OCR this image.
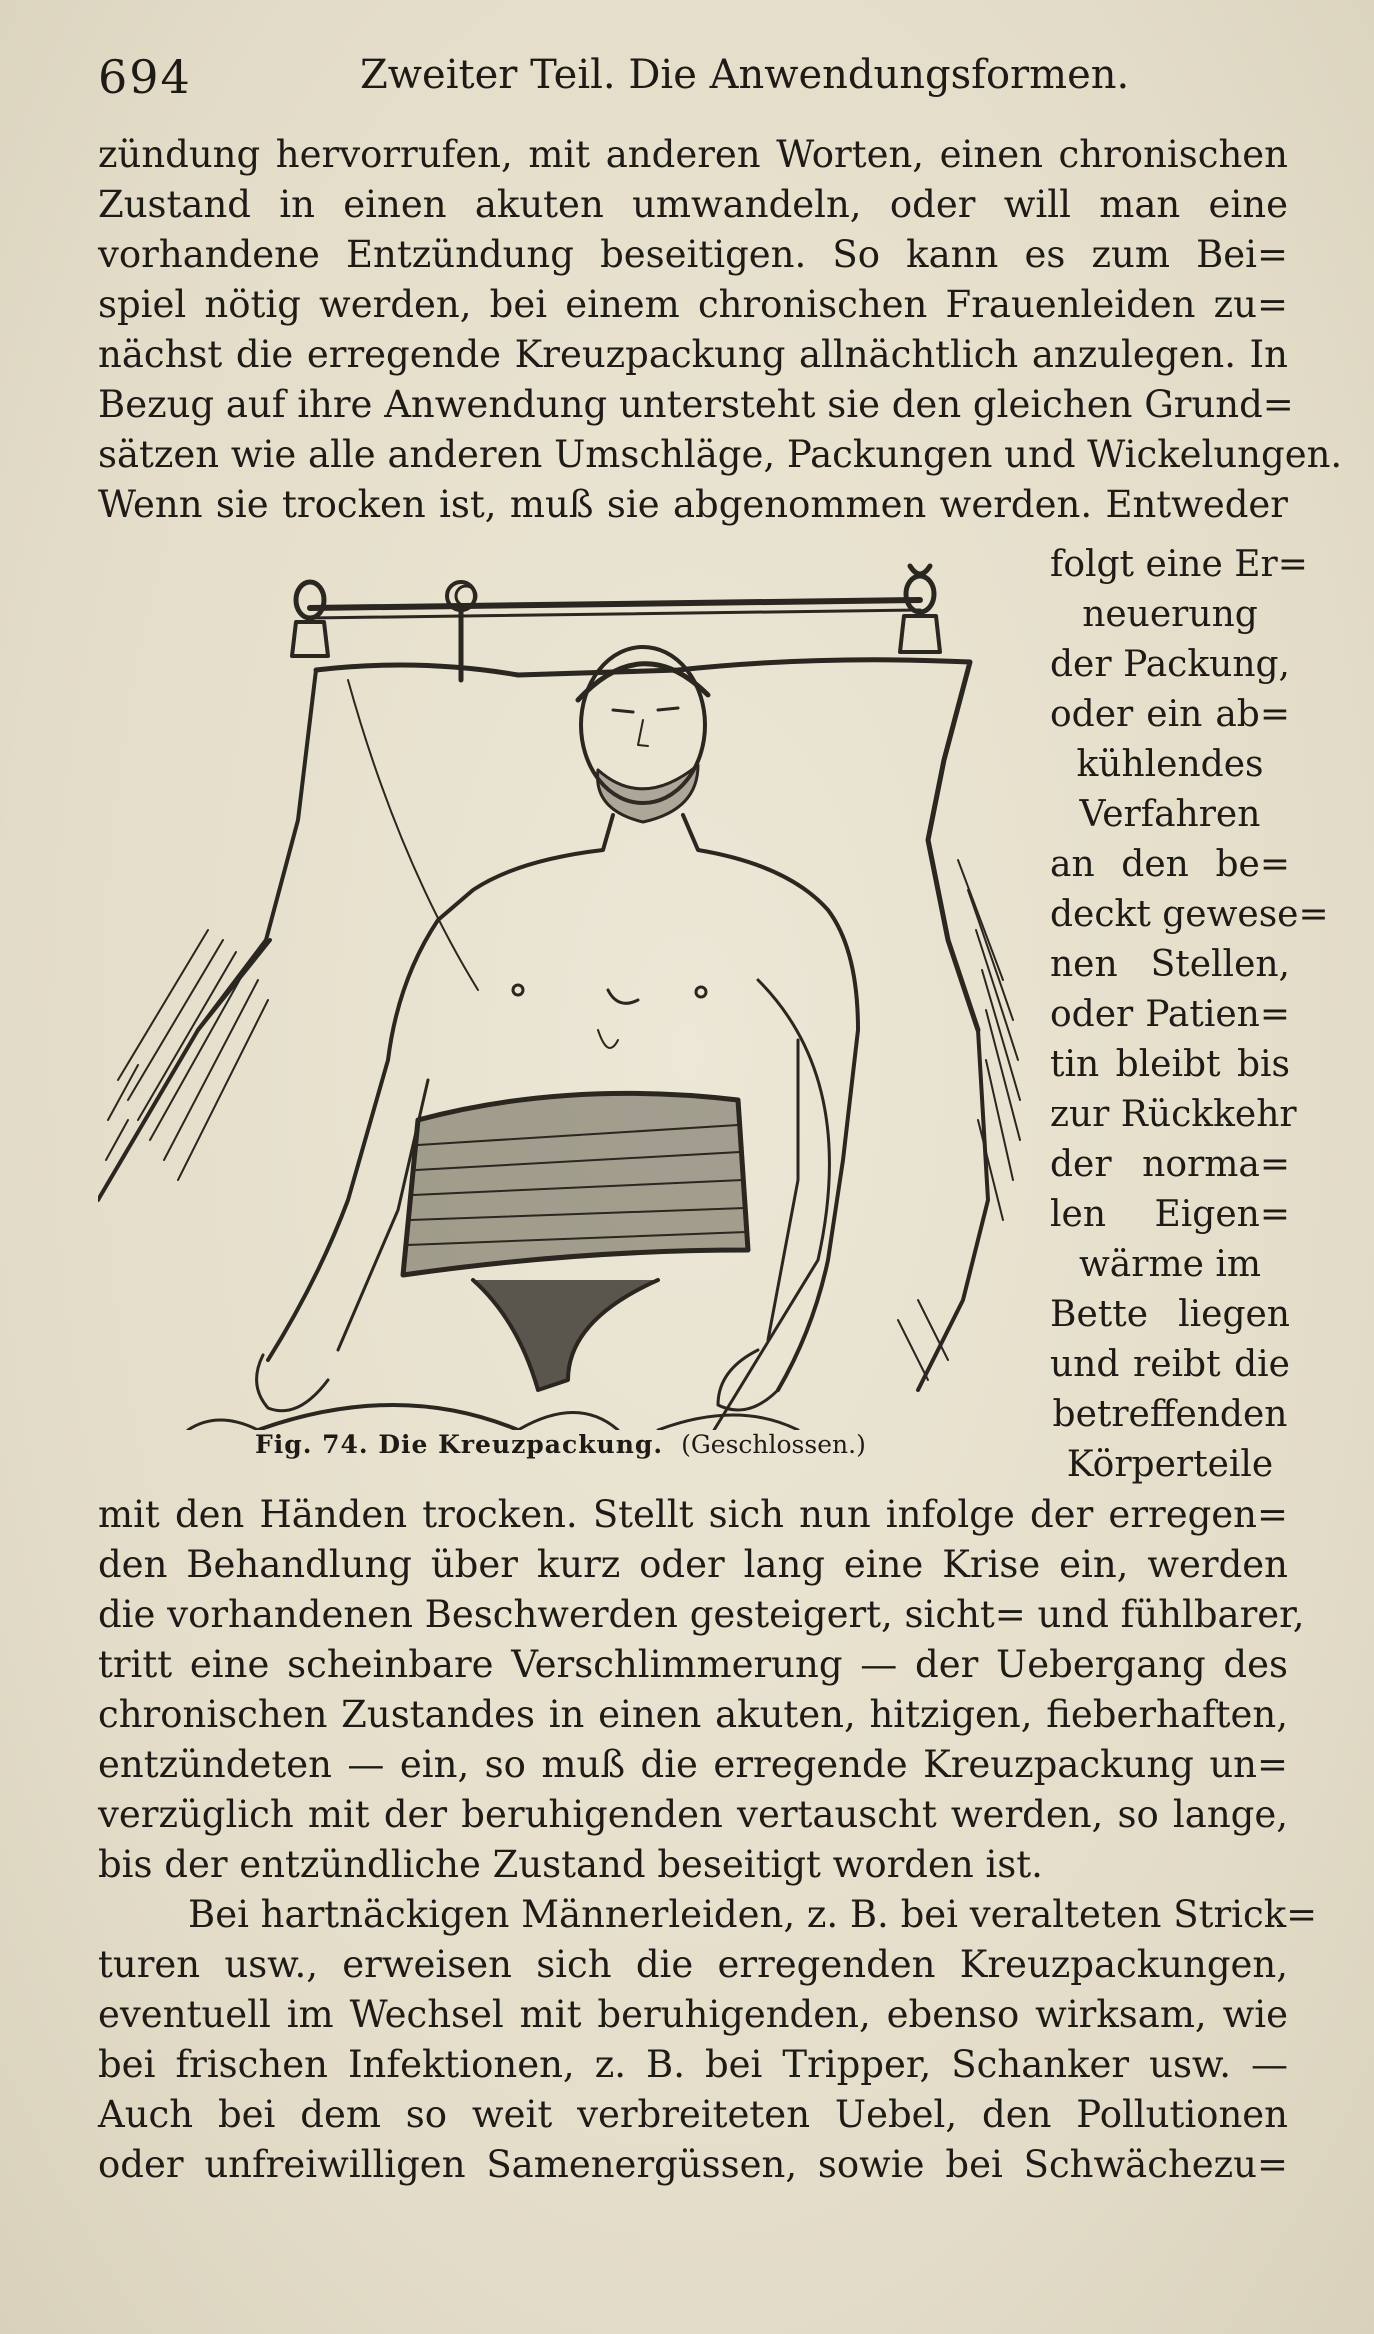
694	Zweiter Teil. Die Anwendungsformen.
zündung hervorrufen, mit anderen Worten, einen chronischen
Zustand in einen akuten umwandeln, oder will man eine
vorhandene Entzündung beseitigen. So kann es zum Bei=
spiel nötig werden, bei einem chronischen Frauenleiden zu=
nächst die erregende Kreuzpackung allnächtlich anzulegen. In
Bezug auf ihre Anwendung untersteht sie den gleichen Grund=
sätzen wie alle anderen Umschläge, Packungen und Wickelungen.
Wenn sie trocken ist, muß sie abgenommen werden. Entweder
folgt eine Er=
neuerung
der Packung,
oder ein ab=
kühlendes
Verfahren
an den be=
deckt gewese=
nen Stellen,
oder Patien=
tin bleibt bis
zur Rückkehr
der norma=
len Eigen=
wärme im
Bette liegen
und reibt die
betreffenden
Körperteile
Fig. 74. Die Kreuzpackung. (Geschlossen.)
mit den Händen trocken. Stellt sich nun infolge der erregen=
den Behandlung über kurz oder lang eine Krise ein, werden
die vorhandenen Beschwerden gesteigert, sicht= und fühlbarer,
tritt eine scheinbare Verschlimmerung — der Uebergang des
chronischen Zustandes in einen akuten, hitzigen, fieberhaften,
entzündeten — ein, so muß die erregende Kreuzpackung un=
verzüglich mit der beruhigenden vertauscht werden, so lange,
bis der entzündliche Zustand beseitigt worden ist.
Bei hartnäckigen Männerleiden, z. B. bei veralteten Strick=
turen usw., erweisen sich die erregenden Kreuzpackungen,
eventuell im Wechsel mit beruhigenden, ebenso wirksam, wie
bei frischen Infektionen, z. B. bei Tripper, Schanker usw. —
Auch bei dem so weit verbreiteten Uebel, den Pollutionen
oder unfreiwilligen Samenergüssen, sowie bei Schwächezu=
